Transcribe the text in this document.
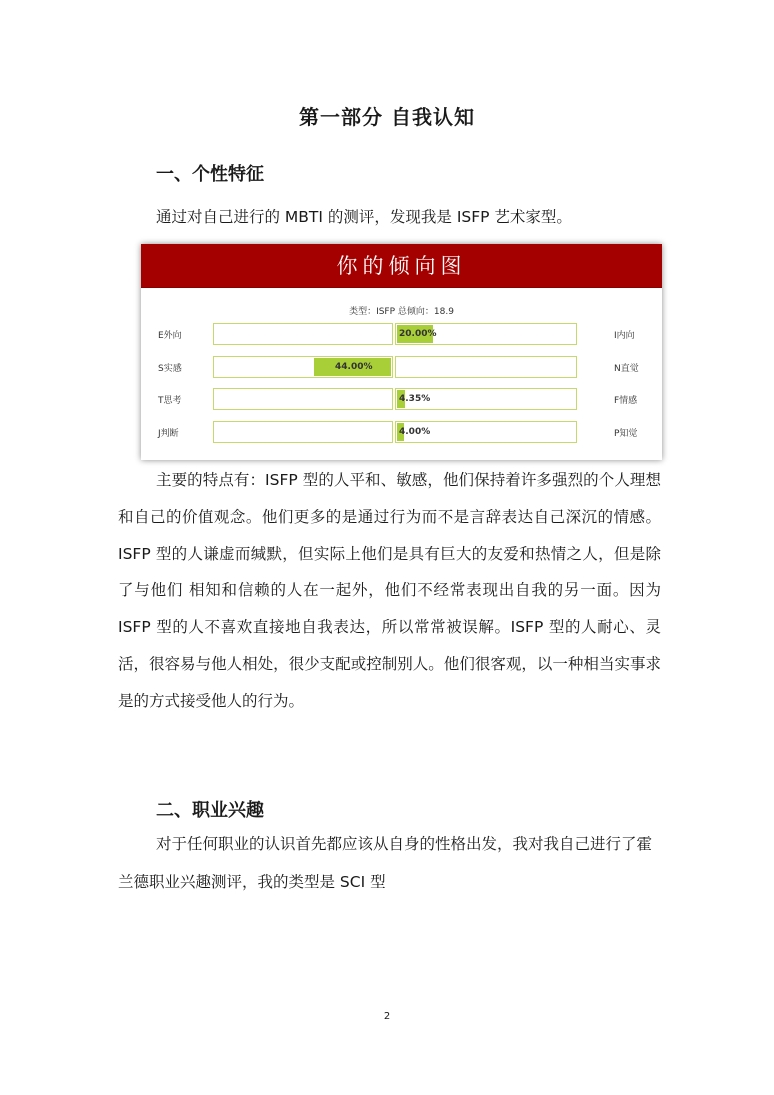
第一部分 自我认知
一、个性特征
通过对自己进行的 MBTI 的测评，发现我是 ISFP 艺术家型。
你的倾向图
类型：ISFP 总倾向：18.9
E外向	20.00%	I内向
S实感	44.00%	N直觉
T思考	4.35%	F情感
J判断	4.00%	P知觉
主要的特点有：ISFP 型的人平和、敏感，他们保持着许多强烈的个人理想和自己的价值观念。他们更多的是通过行为而不是言辞表达自己深沉的情感。ISFP 型的人谦虚而缄默，但实际上他们是具有巨大的友爱和热情之人，但是除了与他们 相知和信赖的人在一起外，他们不经常表现出自我的另一面。因为 ISFP 型的人不喜欢直接地自我表达，所以常常被误解。ISFP 型的人耐心、灵活，很容易与他人相处，很少支配或控制别人。他们很客观，以一种相当实事求 是的方式接受他人的行为。
二、职业兴趣
对于任何职业的认识首先都应该从自身的性格出发，我对我自己进行了霍兰德职业兴趣测评，我的类型是 SCI 型
2
